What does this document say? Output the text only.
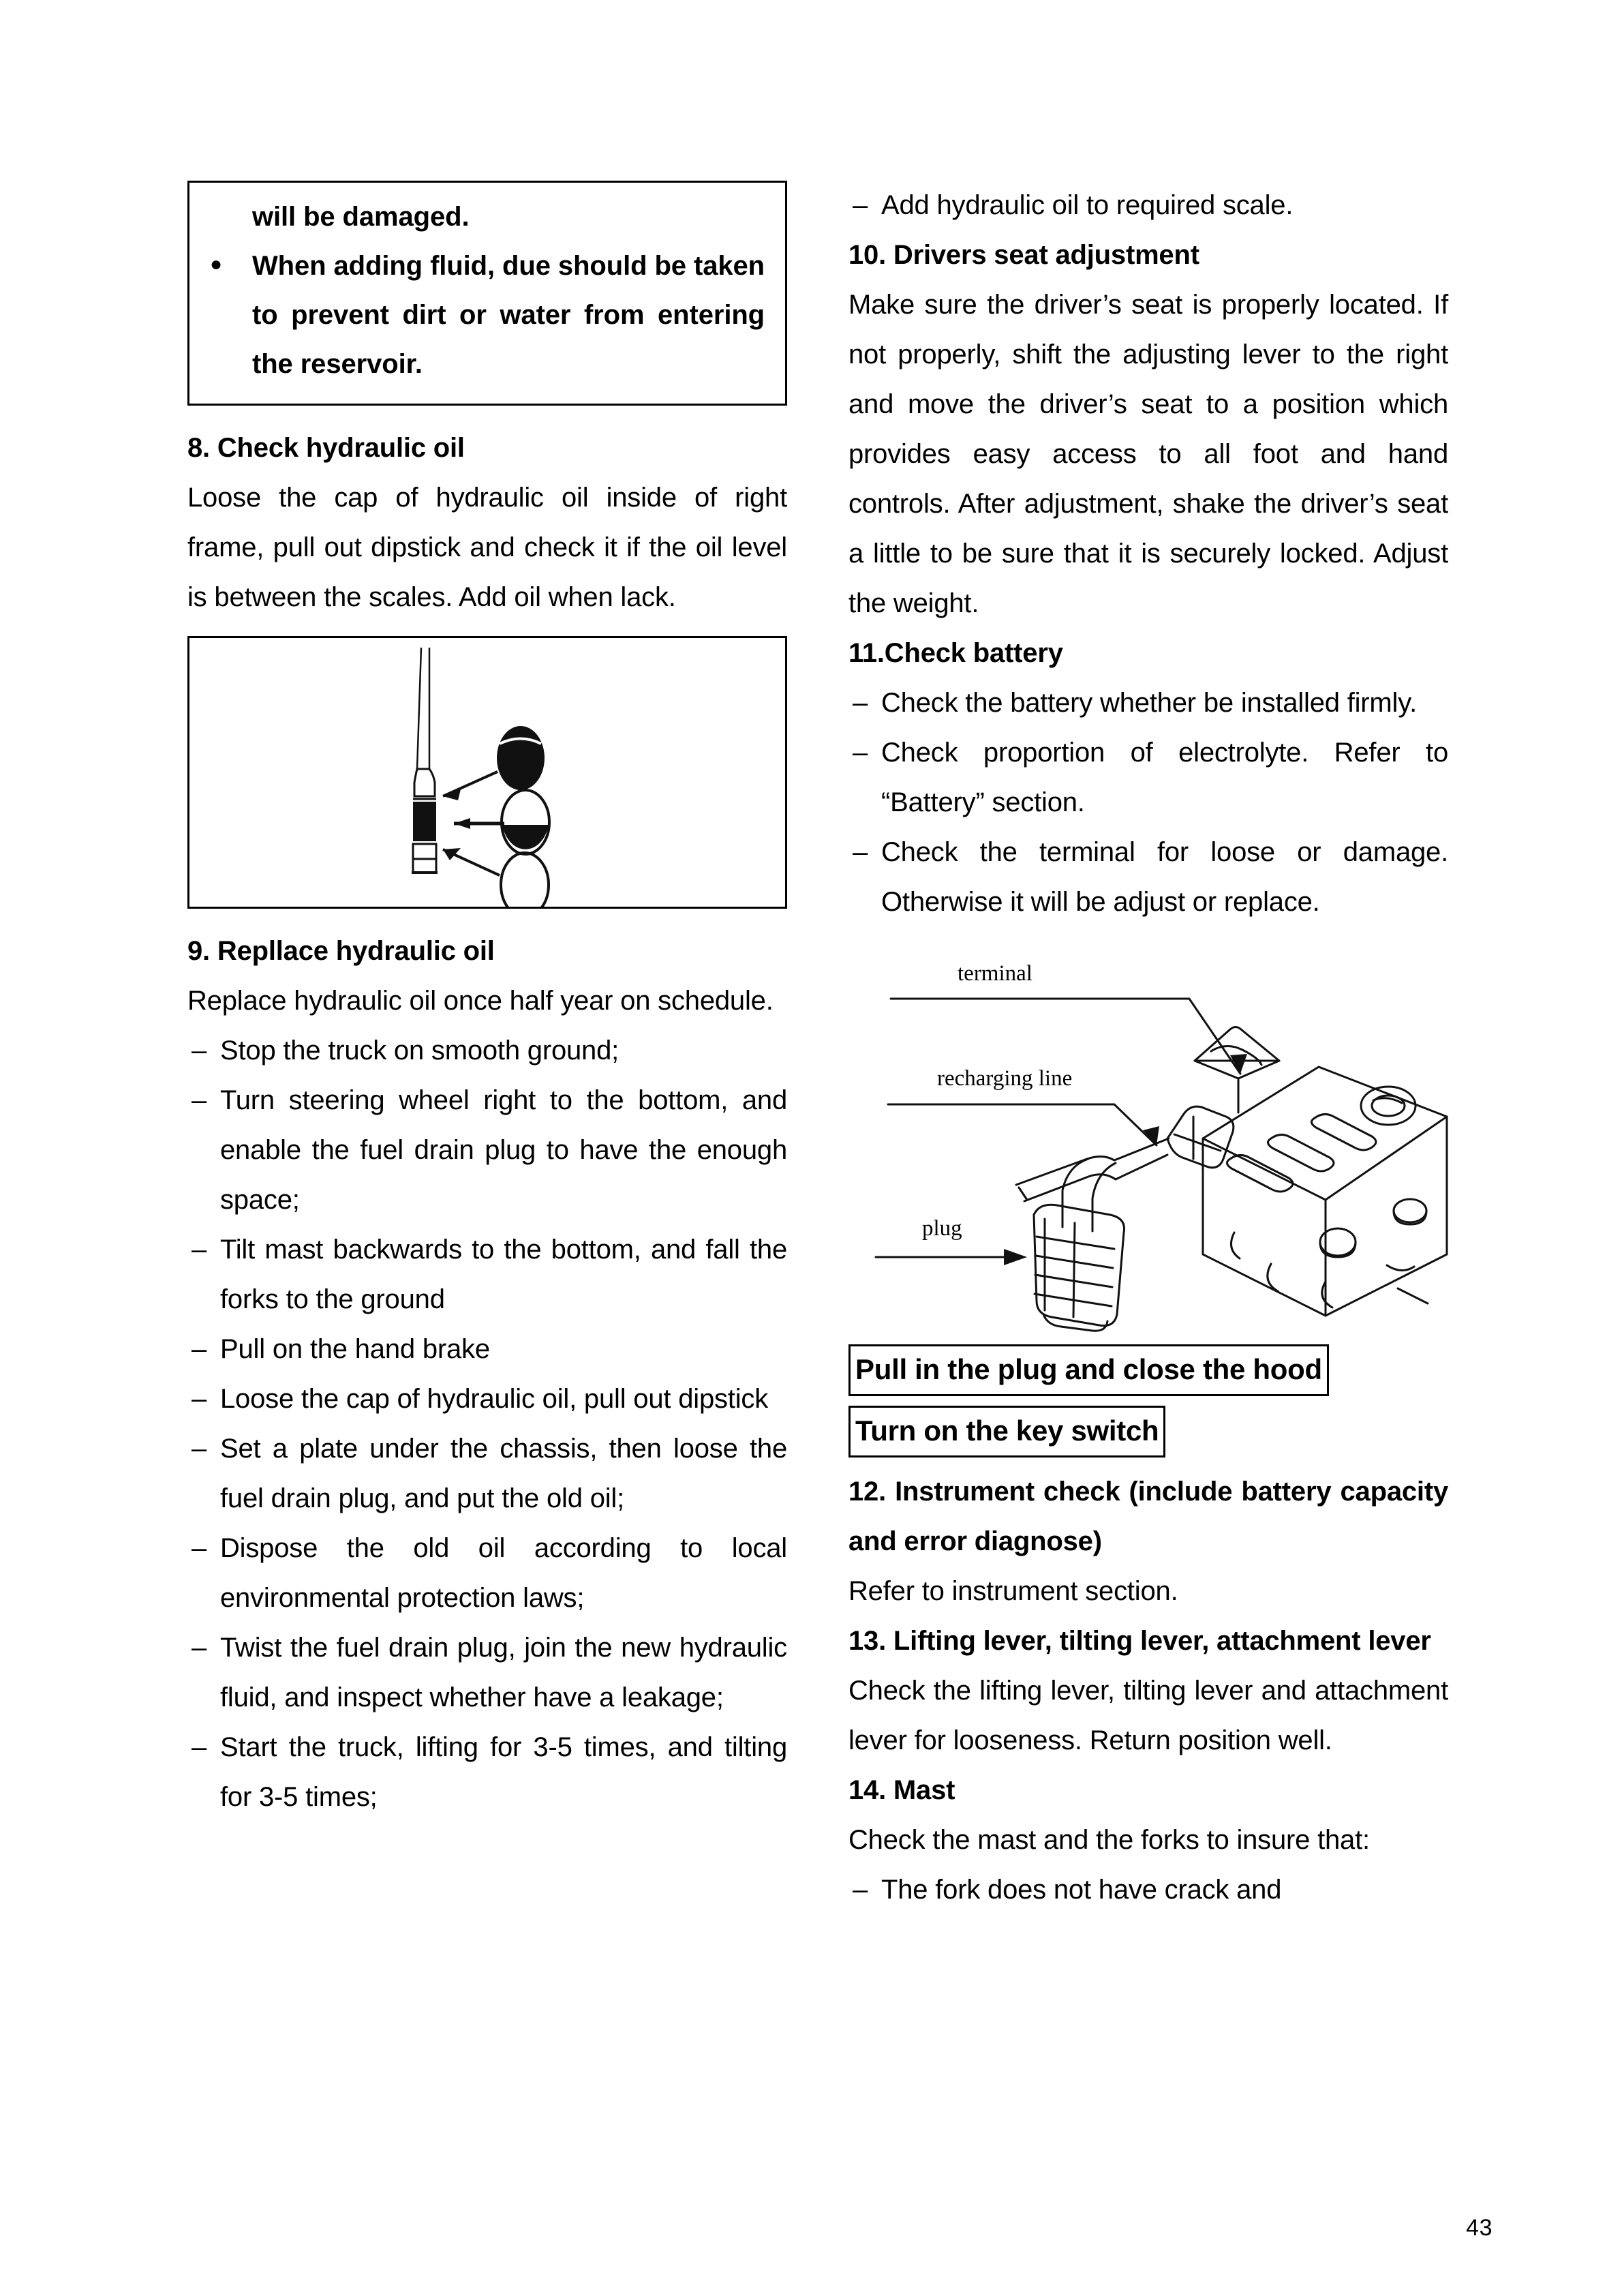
will be damaged.
● When adding fluid, due should be taken to prevent dirt or water from entering the reservoir.
8. Check hydraulic oil
Loose the cap of hydraulic oil inside of right frame, pull out dipstick and check it if the oil level is between the scales. Add oil when lack.
9. Repllace hydraulic oil
Replace hydraulic oil once half year on schedule.
– Stop the truck on smooth ground;
– Turn steering wheel right to the bottom, and enable the fuel drain plug to have the enough space;
– Tilt mast backwards to the bottom, and fall the forks to the ground
– Pull on the hand brake
– Loose the cap of hydraulic oil, pull out dipstick
– Set a plate under the chassis, then loose the fuel drain plug, and put the old oil;
– Dispose the old oil according to local environmental protection laws;
– Twist the fuel drain plug, join the new hydraulic fluid, and inspect whether have a leakage;
– Start the truck, lifting for 3-5 times, and tilting for 3-5 times;
– Add hydraulic oil to required scale.
10. Drivers seat adjustment
Make sure the driver’s seat is properly located. If not properly, shift the adjusting lever to the right and move the driver’s seat to a position which provides easy access to all foot and hand controls. After adjustment, shake the driver’s seat a little to be sure that it is securely locked. Adjust the weight.
11.Check battery
– Check the battery whether be installed firmly.
– Check proportion of electrolyte. Refer to “Battery” section.
– Check the terminal for loose or damage. Otherwise it will be adjust or replace.
terminal
recharging line
plug
Pull in the plug and close the hood
Turn on the key switch
12. Instrument check (include battery capacity and error diagnose)
Refer to instrument section.
13. Lifting lever, tilting lever, attachment lever
Check the lifting lever, tilting lever and attachment lever for looseness. Return position well.
14. Mast
Check the mast and the forks to insure that:
– The fork does not have crack and
43
